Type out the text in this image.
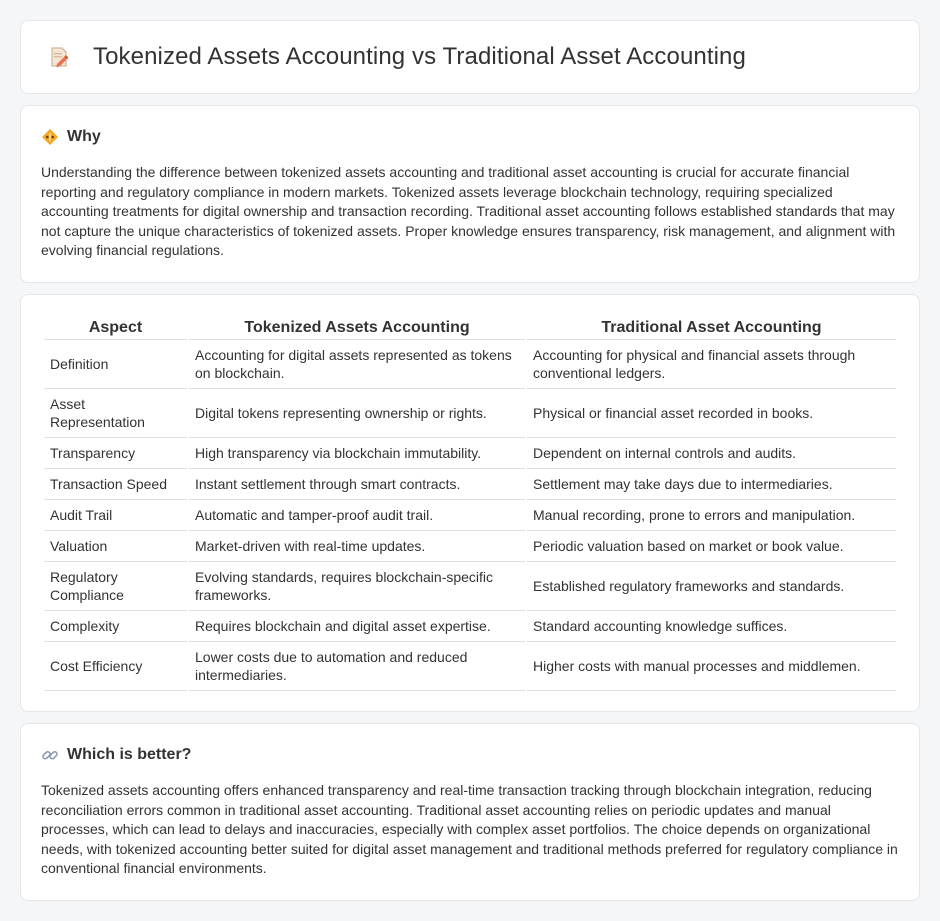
Tokenized Assets Accounting vs Traditional Asset Accounting
Why

Understanding the difference between tokenized assets accounting and traditional asset accounting is crucial for accurate financial reporting and regulatory compliance in modern markets. Tokenized assets leverage blockchain technology, requiring specialized accounting treatments for digital ownership and transaction recording. Traditional asset accounting follows established standards that may not capture the unique characteristics of tokenized assets. Proper knowledge ensures transparency, risk management, and alignment with evolving financial regulations.

Aspect	Tokenized Assets Accounting	Traditional Asset Accounting
Definition	Accounting for digital assets represented as tokens on blockchain.	Accounting for physical and financial assets through conventional ledgers.
Asset Representation	Digital tokens representing ownership or rights.	Physical or financial asset recorded in books.
Transparency	High transparency via blockchain immutability.	Dependent on internal controls and audits.
Transaction Speed	Instant settlement through smart contracts.	Settlement may take days due to intermediaries.
Audit Trail	Automatic and tamper-proof audit trail.	Manual recording, prone to errors and manipulation.
Valuation	Market-driven with real-time updates.	Periodic valuation based on market or book value.
Regulatory Compliance	Evolving standards, requires blockchain-specific frameworks.	Established regulatory frameworks and standards.
Complexity	Requires blockchain and digital asset expertise.	Standard accounting knowledge suffices.
Cost Efficiency	Lower costs due to automation and reduced intermediaries.	Higher costs with manual processes and middlemen.
Which is better?

Tokenized assets accounting offers enhanced transparency and real-time transaction tracking through blockchain integration, reducing reconciliation errors common in traditional asset accounting. Traditional asset accounting relies on periodic updates and manual processes, which can lead to delays and inaccuracies, especially with complex asset portfolios. The choice depends on organizational needs, with tokenized accounting better suited for digital asset management and traditional methods preferred for regulatory compliance in conventional financial environments.
